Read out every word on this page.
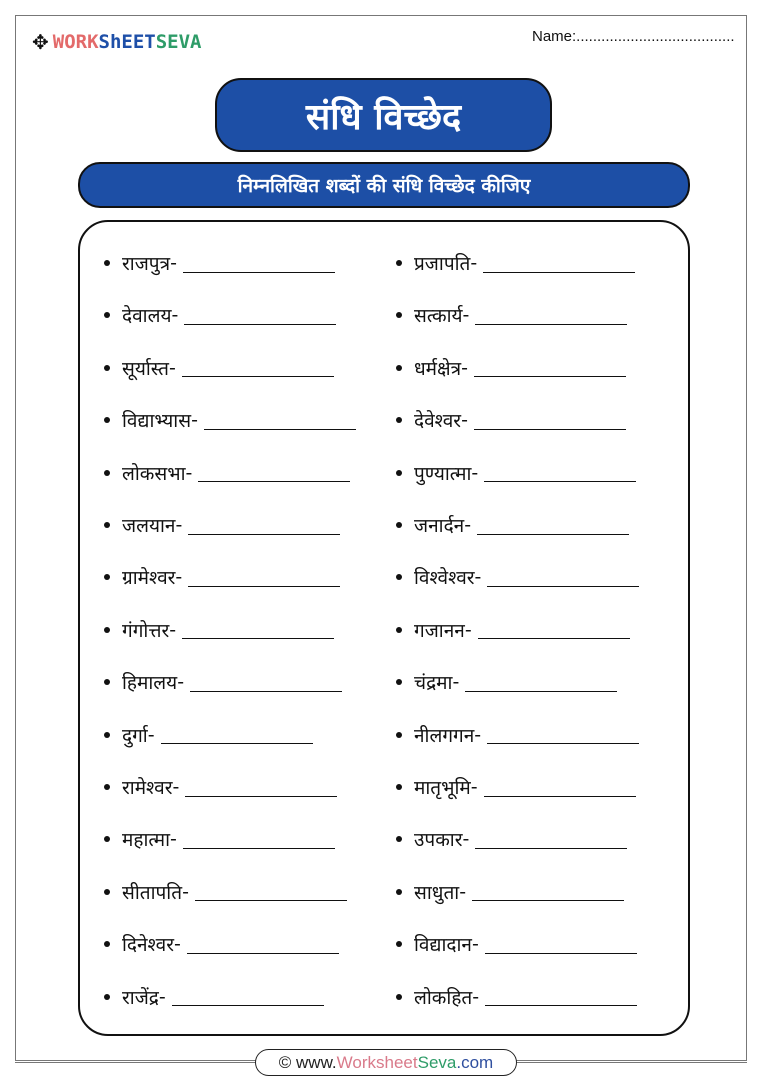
✥ WORKShEETSEVA	Name:......................................
संधि विच्छेद
निम्नलिखित शब्दों की संधि विच्छेद कीजिए
राजपुत्र -
देवालय -
सूर्यास्त -
विद्याभ्यास -
लोकसभा -
जलयान -
ग्रामेश्वर -
गंगोत्तर -
हिमालय -
दुर्गा -
रामेश्वर -
महात्मा -
सीतापति -
दिनेश्वर -
राजेंद्र -
प्रजापति -
सत्कार्य -
धर्मक्षेत्र -
देवेश्वर -
पुण्यात्मा -
जनार्दन -
विश्वेश्वर -
गजानन -
चंद्रमा -
नीलगगन -
मातृभूमि -
उपकार -
साधुता -
विद्यादान -
लोकहित -
© www. Worksheet Seva .com
